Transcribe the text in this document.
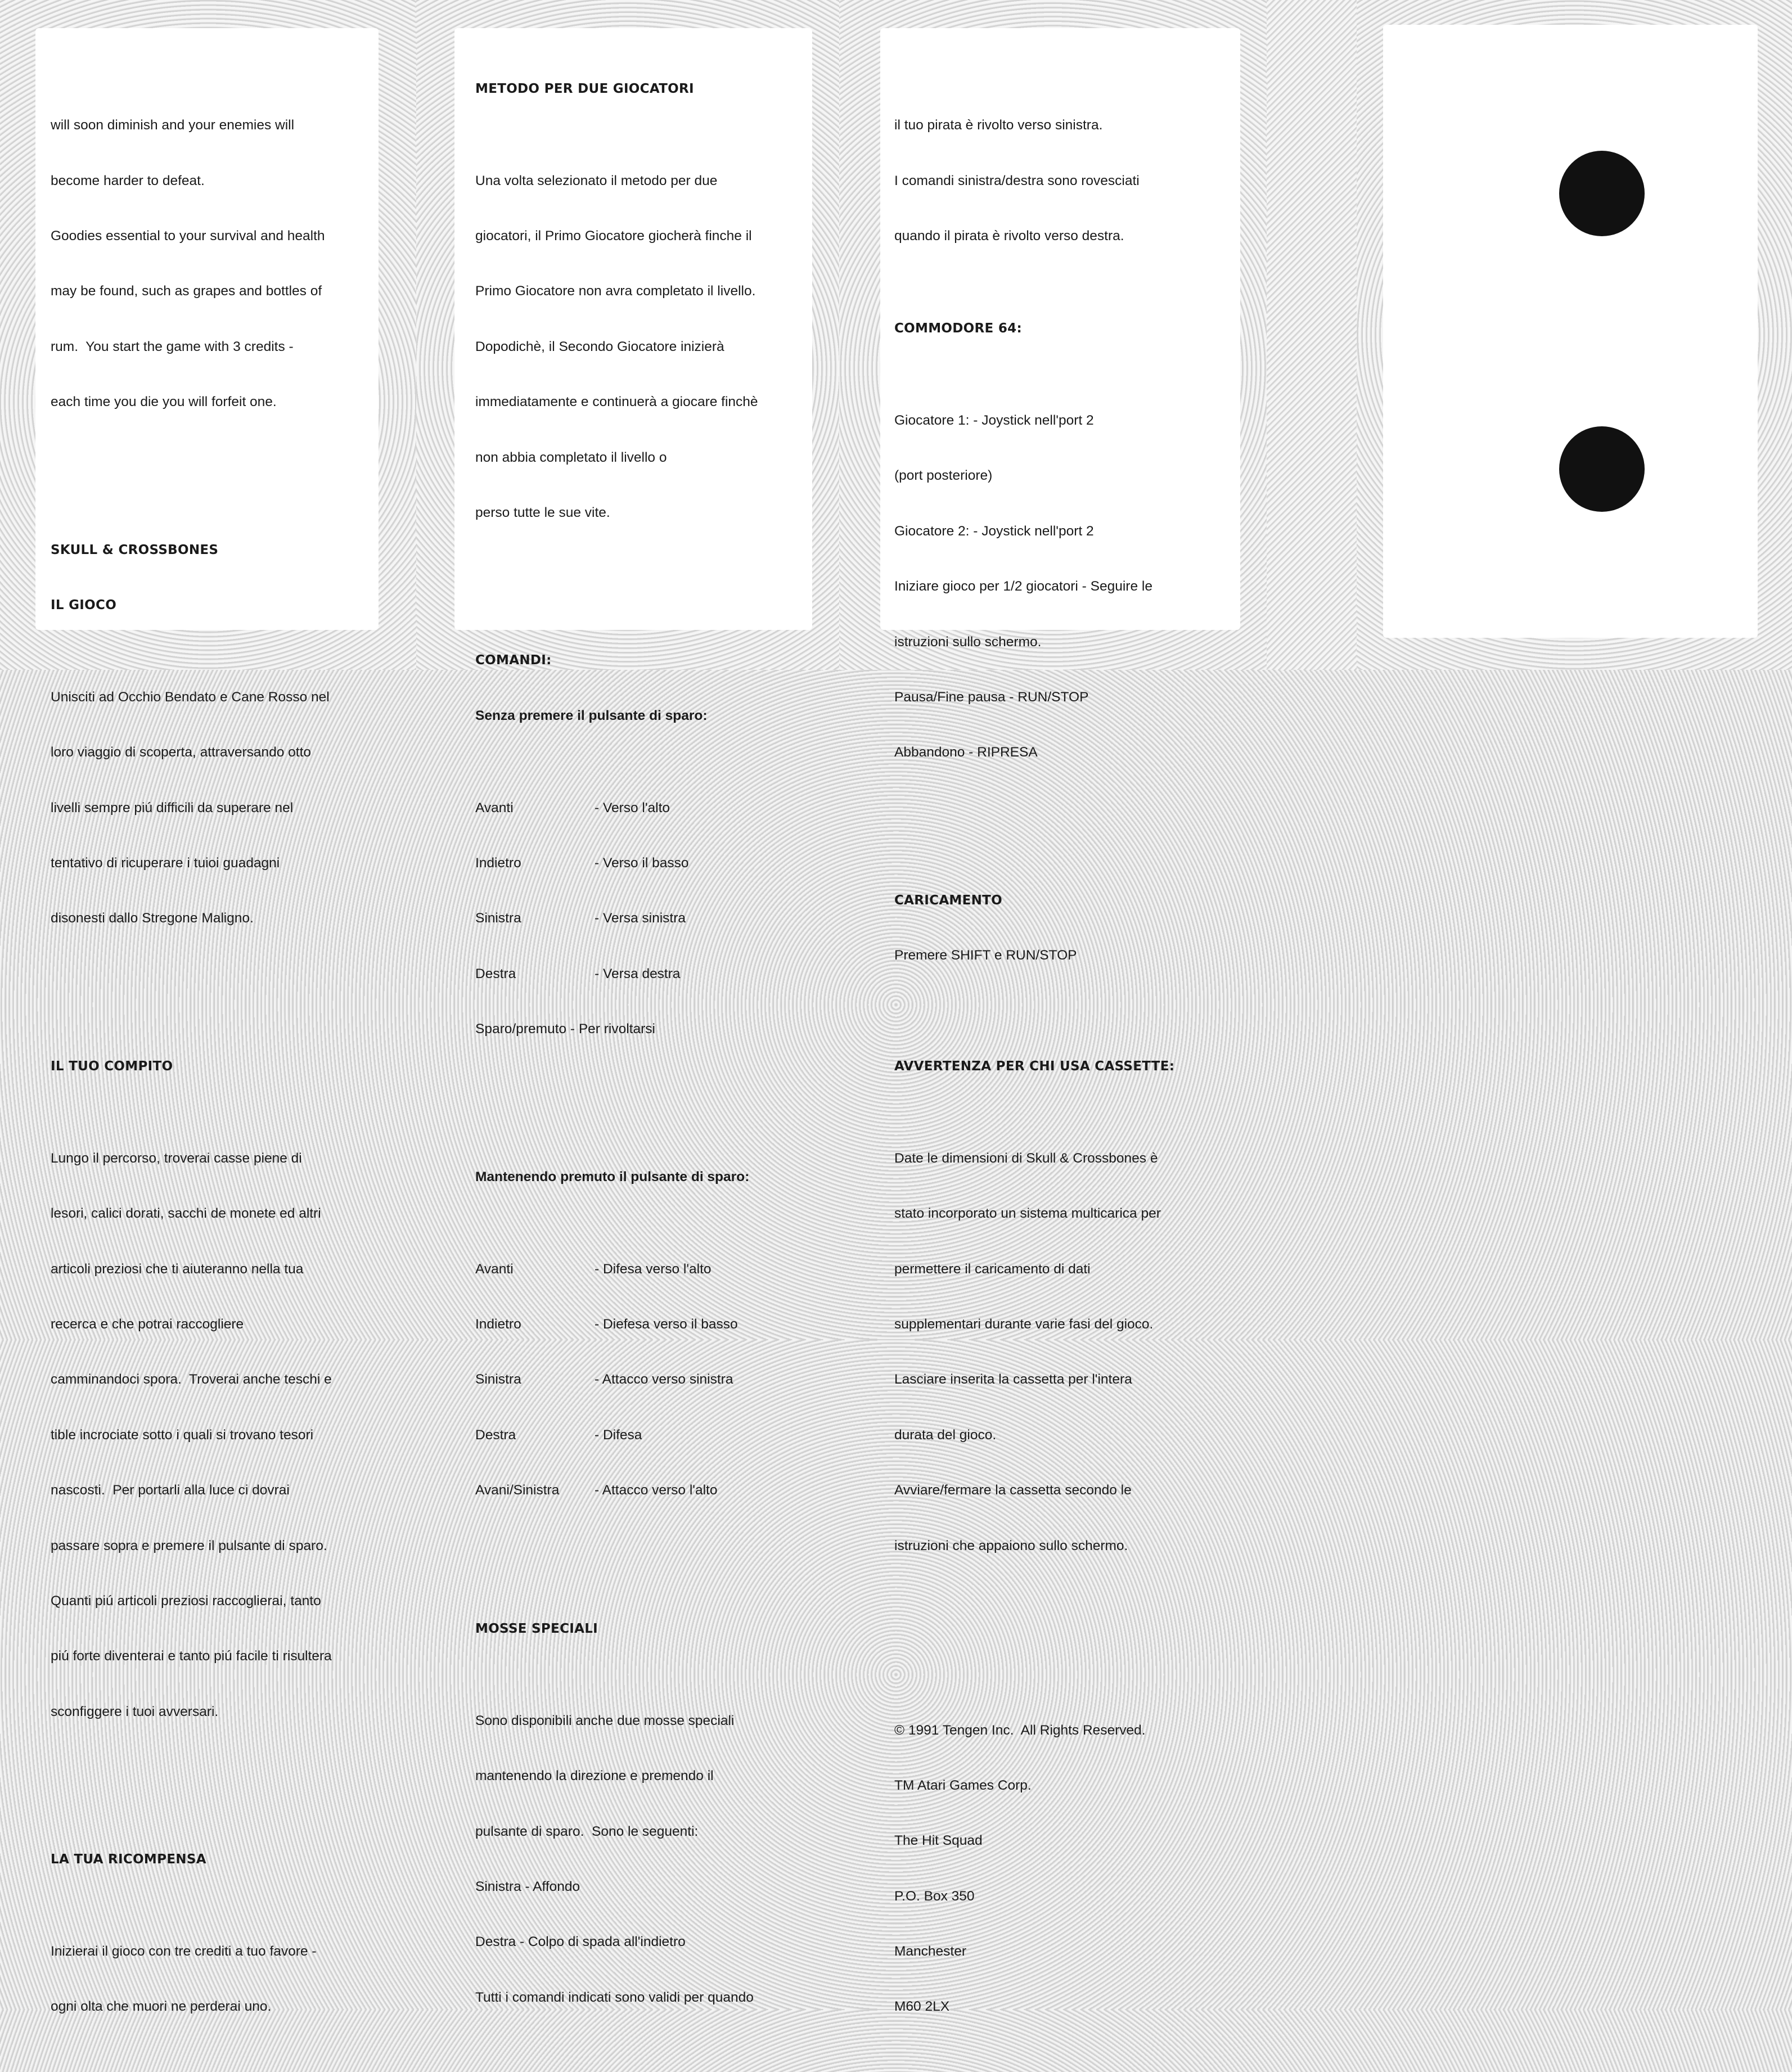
will soon diminish and your enemies will

become harder to defeat.

Goodies essential to your survival and health

may be found, such as grapes and bottles of

rum.  You start the game with 3 credits -

each time you die you will forfeit one.

SKULL & CROSSBONES

IL GIOCO

Unisciti ad Occhio Bendato e Cane Rosso nel

loro viaggio di scoperta, attraversando otto

livelli sempre piú difficili da superare nel

tentativo di ricuperare i tuioi guadagni

disonesti dallo Stregone Maligno.

IL TUO COMPITO

Lungo il percorso, troverai casse piene di

lesori, calici dorati, sacchi de monete ed altri

articoli preziosi che ti aiuteranno nella tua

recerca e che potrai raccogliere

camminandoci spora.  Troverai anche teschi e

tible incrociate sotto i quali si trovano tesori

nascosti.  Per portarli alla luce ci dovrai

passare sopra e premere il pulsante di sparo.

Quanti piú articoli preziosi raccoglierai, tanto

piú forte diventerai e tanto piú facile ti risultera

sconfiggere i tuoi avversari.

LA TUA RICOMPENSA

Inizierai il gioco con tre crediti a tuo favore -

ogni olta che muori ne perderai uno.

METODO PER DUE GIOCATORI

Una volta selezionato il metodo per due

giocatori, il Primo Giocatore giocherà finche il

Primo Giocatore non avra completato il livello.

Dopodichè, il Secondo Giocatore inizierà

immediatamente e continuerà a giocare finchè

non abbia completato il livello o

perso tutte le sue vite.

COMANDI:

Senza premere il pulsante di sparo:

Avanti	- Verso l'alto

Indietro	- Verso il basso

Sinistra	- Versa sinistra

Destra	- Versa destra

Sparo/premuto - Per rivoltarsi

Mantenendo premuto il pulsante di sparo:

Avanti	- Difesa verso l'alto

Indietro	- Diefesa verso il basso

Sinistra	- Attacco verso sinistra

Destra	- Difesa

Avani/Sinistra	- Attacco verso l'alto

MOSSE SPECIALI

Sono disponibili anche due mosse speciali

mantenendo la direzione e premendo il

pulsante di sparo.  Sono le seguenti:

Sinistra - Affondo

Destra - Colpo di spada all'indietro

Tutti i comandi indicati sono validi per quando

il tuo pirata è rivolto verso sinistra.

I comandi sinistra/destra sono rovesciati

quando il pirata è rivolto verso destra.

COMMODORE 64:

Giocatore 1: - Joystick nell'port 2

(port posteriore)

Giocatore 2: - Joystick nell'port 2

Iniziare gioco per 1/2 giocatori - Seguire le

istruzioni sullo schermo.

Pausa/Fine pausa - RUN/STOP

Abbandono - RIPRESA

CARICAMENTO

Premere SHIFT e RUN/STOP

AVVERTENZA PER CHI USA CASSETTE:

Date le dimensioni di Skull & Crossbones è

stato incorporato un sistema multicarica per

permettere il caricamento di dati

supplementari durante varie fasi del gioco.

Lasciare inserita la cassetta per l'intera

durata del gioco.

Avviare/fermare la cassetta secondo le

istruzioni che appaiono sullo schermo.

© 1991 Tengen Inc.  All Rights Reserved.

TM Atari Games Corp.

The Hit Squad

P.O. Box 350

Manchester

M60 2LX
